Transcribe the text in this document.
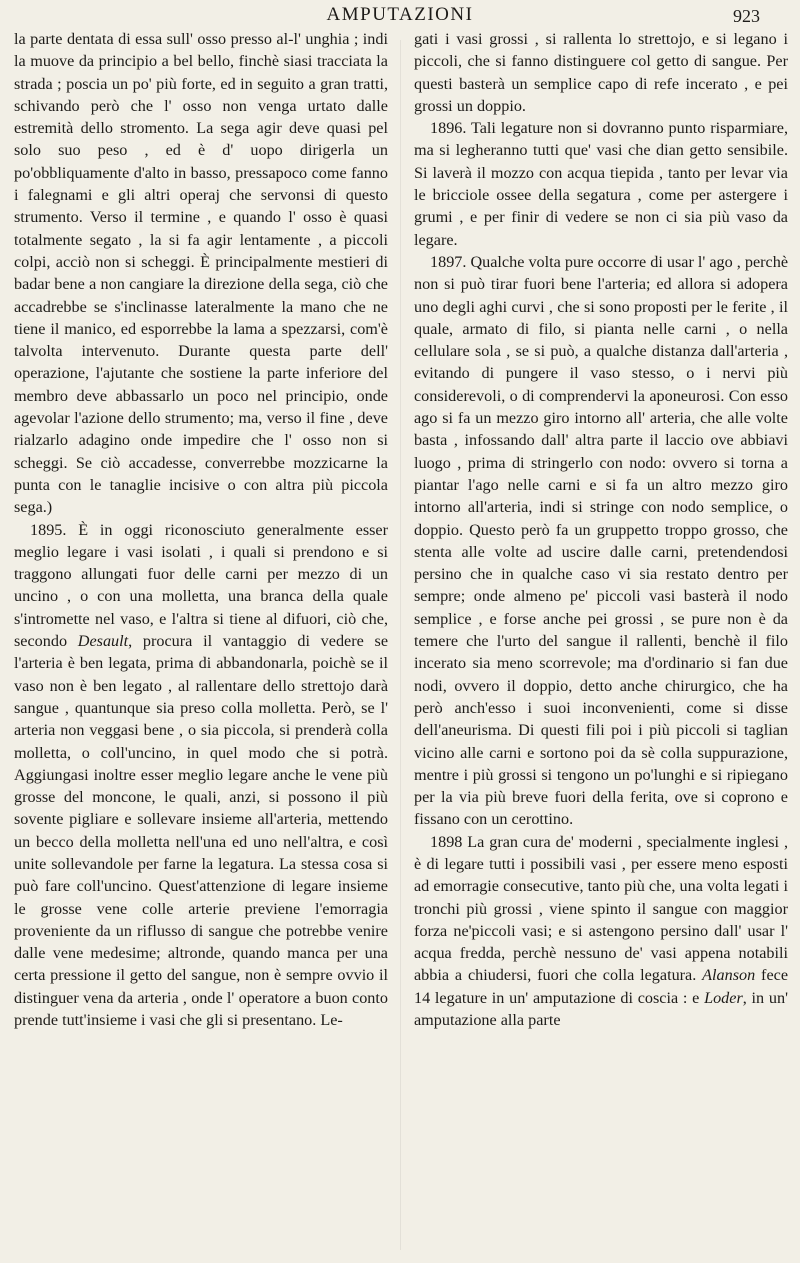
AMPUTAZIONI	923

la parte dentata di essa sull' osso presso al-l' unghia ; indi la muove da principio a bel bello, finchè siasi tracciata la strada ; poscia un po' più forte, ed in seguito a gran tratti, schivando però che l' osso non venga urtato dalle estremità dello stromento. La sega agir deve quasi pel solo suo peso , ed è d' uopo dirigerla un po'obbliquamente d'alto in basso, pressapoco come fanno i falegnami e gli altri operaj che servonsi di questo strumento. Verso il termine , e quando l' osso è quasi totalmente segato , la si fa agir lentamente , a piccoli colpi, acciò non si scheggi. È principalmente mestieri di badar bene a non cangiare la direzione della sega, ciò che accadrebbe se s'inclinasse lateralmente la mano che ne tiene il manico, ed esporrebbe la lama a spezzarsi, com'è talvolta intervenuto. Durante questa parte dell' operazione, l'ajutante che sostiene la parte inferiore del membro deve abbassarlo un poco nel principio, onde agevolar l'azione dello strumento; ma, verso il fine , deve rialzarlo adagino onde impedire che l' osso non si scheggi. Se ciò accadesse, converrebbe mozzicarne la punta con le tanaglie incisive o con altra più piccola sega.)

1895. È in oggi riconosciuto generalmente esser meglio legare i vasi isolati , i quali si prendono e si traggono allungati fuor delle carni per mezzo di un uncino , o con una molletta, una branca della quale s'intromette nel vaso, e l'altra si tiene al difuori, ciò che, secondo Desault, procura il vantaggio di vedere se l'arteria è ben legata, prima di abbandonarla, poichè se il vaso non è ben legato , al rallentare dello strettojo darà sangue , quantunque sia preso colla molletta. Però, se l' arteria non veggasi bene , o sia piccola, si prenderà colla molletta, o coll'uncino, in quel modo che si potrà. Aggiungasi inoltre esser meglio legare anche le vene più grosse del moncone, le quali, anzi, si possono il più sovente pigliare e sollevare insieme all'arteria, mettendo un becco della molletta nell'una ed uno nell'altra, e così unite sollevandole per farne la legatura. La stessa cosa si può fare coll'uncino. Quest'attenzione di legare insieme le grosse vene colle arterie previene l'emorragia proveniente da un riflusso di sangue che potrebbe venire dalle vene medesime; altronde, quando manca per una certa pressione il getto del sangue, non è sempre ovvio il distinguer vena da arteria , onde l' operatore a buon conto prende tutt'insieme i vasi che gli si presentano. Le-

gati i vasi grossi , si rallenta lo strettojo, e si legano i piccoli, che si fanno distinguere col getto di sangue. Per questi basterà un semplice capo di refe incerato , e pei grossi un doppio.

1896. Tali legature non si dovranno punto risparmiare, ma si legheranno tutti que' vasi che dian getto sensibile. Si laverà il mozzo con acqua tiepida , tanto per levar via le bricciole ossee della segatura , come per astergere i grumi , e per finir di vedere se non ci sia più vaso da legare.

1897. Qualche volta pure occorre di usar l' ago , perchè non si può tirar fuori bene l'arteria; ed allora si adopera uno degli aghi curvi , che si sono proposti per le ferite , il quale, armato di filo, si pianta nelle carni , o nella cellulare sola , se si può, a qualche distanza dall'arteria , evitando di pungere il vaso stesso, o i nervi più considerevoli, o di comprendervi la aponeurosi. Con esso ago si fa un mezzo giro intorno all' arteria, che alle volte basta , infossando dall' altra parte il laccio ove abbiavi luogo , prima di stringerlo con nodo: ovvero si torna a piantar l'ago nelle carni e si fa un altro mezzo giro intorno all'arteria, indi si stringe con nodo semplice, o doppio. Questo però fa un gruppetto troppo grosso, che stenta alle volte ad uscire dalle carni, pretendendosi persino che in qualche caso vi sia restato dentro per sempre; onde almeno pe' piccoli vasi basterà il nodo semplice , e forse anche pei grossi , se pure non è da temere che l'urto del sangue il rallenti, benchè il filo incerato sia meno scorrevole; ma d'ordinario si fan due nodi, ovvero il doppio, detto anche chirurgico, che ha però anch'esso i suoi inconvenienti, come si disse dell'aneurisma. Di questi fili poi i più piccoli si taglian vicino alle carni e sortono poi da sè colla suppurazione, mentre i più grossi si tengono un po'lunghi e si ripiegano per la via più breve fuori della ferita, ove si coprono e fissano con un cerottino.

1898 La gran cura de' moderni , specialmente inglesi , è di legare tutti i possibili vasi , per essere meno esposti ad emorragie consecutive, tanto più che, una volta legati i tronchi più grossi , viene spinto il sangue con maggior forza ne'piccoli vasi; e si astengono persino dall' usar l' acqua fredda, perchè nessuno de' vasi appena notabili abbia a chiudersi, fuori che colla legatura. Alanson fece 14 legature in un' amputazione di coscia : e Loder, in un' amputazione alla parte
